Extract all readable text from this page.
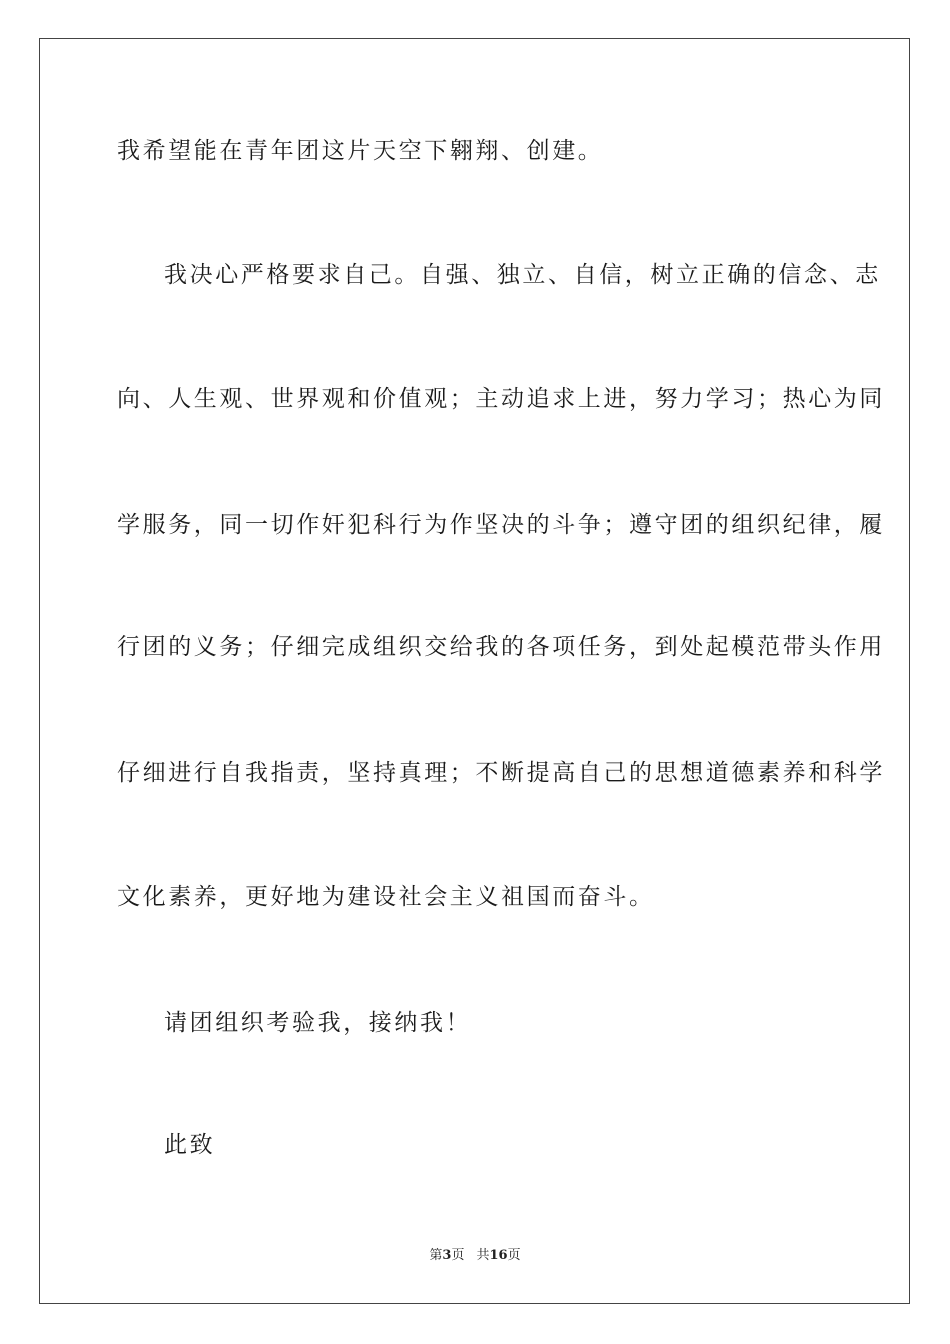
我希望能在青年团这片天空下翱翔、创建。
我决心严格要求自己。自强、独立、自信，树立正确的信念、志
向、人生观、世界观和价值观；主动追求上进，努力学习；热心为同
学服务，同一切作奸犯科行为作坚决的斗争；遵守团的组织纪律，履
行团的义务；仔细完成组织交给我的各项任务，到处起模范带头作用
仔细进行自我指责，坚持真理；不断提高自己的思想道德素养和科学
文化素养，更好地为建设社会主义祖国而奋斗。
请团组织考验我，接纳我！
此致
第3页 共16页
